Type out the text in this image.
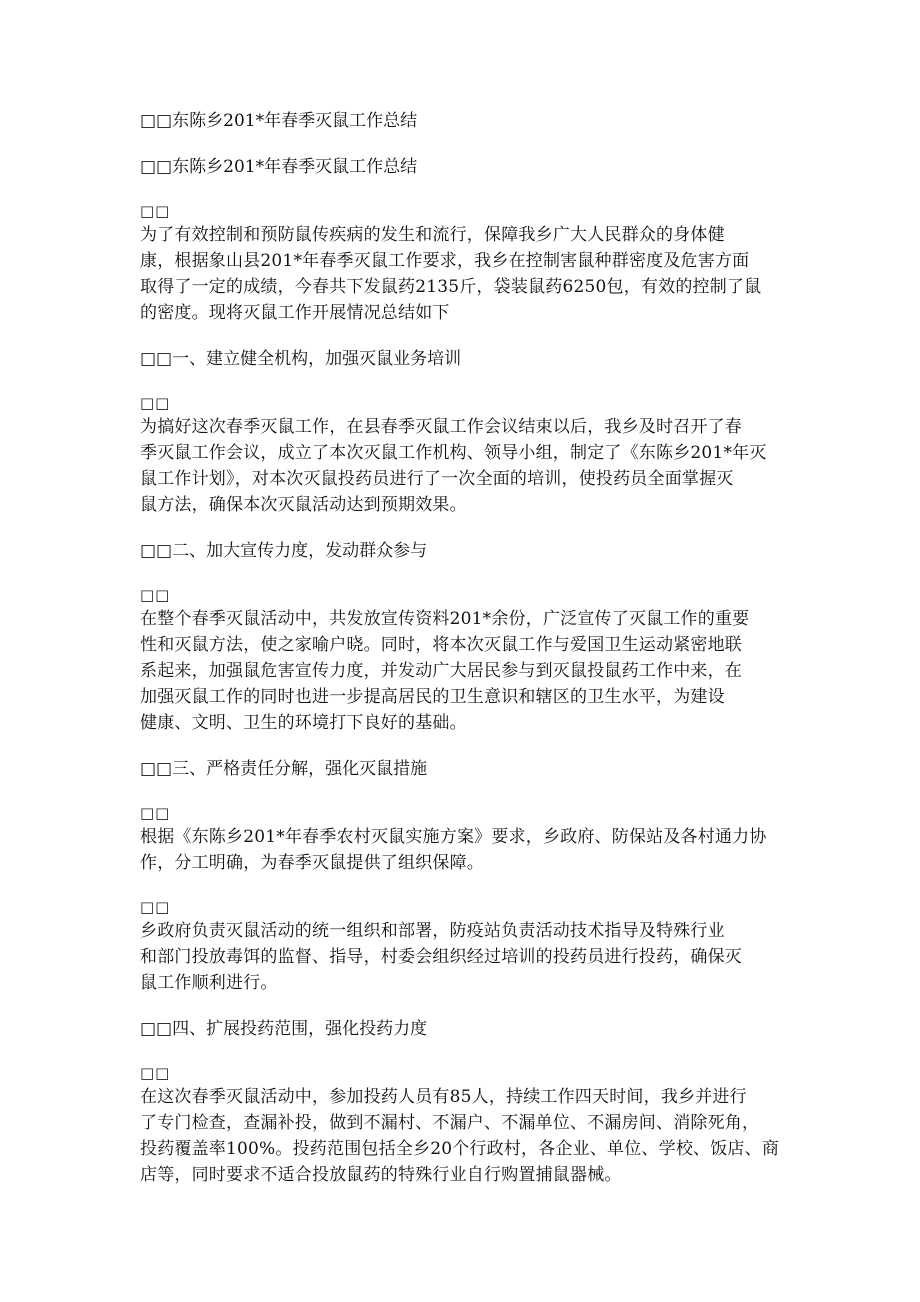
□□东陈乡201*年春季灭鼠工作总结
□□东陈乡201*年春季灭鼠工作总结
□□
为了有效控制和预防鼠传疾病的发生和流行，保障我乡广大人民群众的身体健
康，根据象山县201*年春季灭鼠工作要求，我乡在控制害鼠种群密度及危害方面
取得了一定的成绩，今春共下发鼠药2135斤，袋装鼠药6250包，有效的控制了鼠
的密度。现将灭鼠工作开展情况总结如下
□□一、建立健全机构，加强灭鼠业务培训
□□
为搞好这次春季灭鼠工作，在县春季灭鼠工作会议结束以后，我乡及时召开了春
季灭鼠工作会议，成立了本次灭鼠工作机构、领导小组，制定了《东陈乡201*年灭
鼠工作计划》，对本次灭鼠投药员进行了一次全面的培训，使投药员全面掌握灭
鼠方法，确保本次灭鼠活动达到预期效果。
□□二、加大宣传力度，发动群众参与
□□
在整个春季灭鼠活动中，共发放宣传资料201*余份，广泛宣传了灭鼠工作的重要
性和灭鼠方法，使之家喻户晓。同时，将本次灭鼠工作与爱国卫生运动紧密地联
系起来，加强鼠危害宣传力度，并发动广大居民参与到灭鼠投鼠药工作中来，在
加强灭鼠工作的同时也进一步提高居民的卫生意识和辖区的卫生水平，为建设
健康、文明、卫生的环境打下良好的基础。
□□三、严格责任分解，强化灭鼠措施
□□
根据《东陈乡201*年春季农村灭鼠实施方案》要求，乡政府、防保站及各村通力协
作，分工明确，为春季灭鼠提供了组织保障。
□□
乡政府负责灭鼠活动的统一组织和部署，防疫站负责活动技术指导及特殊行业
和部门投放毒饵的监督、指导，村委会组织经过培训的投药员进行投药，确保灭
鼠工作顺利进行。
□□四、扩展投药范围，强化投药力度
□□
在这次春季灭鼠活动中，参加投药人员有85人，持续工作四天时间，我乡并进行
了专门检查，查漏补投，做到不漏村、不漏户、不漏单位、不漏房间、消除死角，
投药覆盖率100%。投药范围包括全乡20个行政村，各企业、单位、学校、饭店、商
店等，同时要求不适合投放鼠药的特殊行业自行购置捕鼠器械。
